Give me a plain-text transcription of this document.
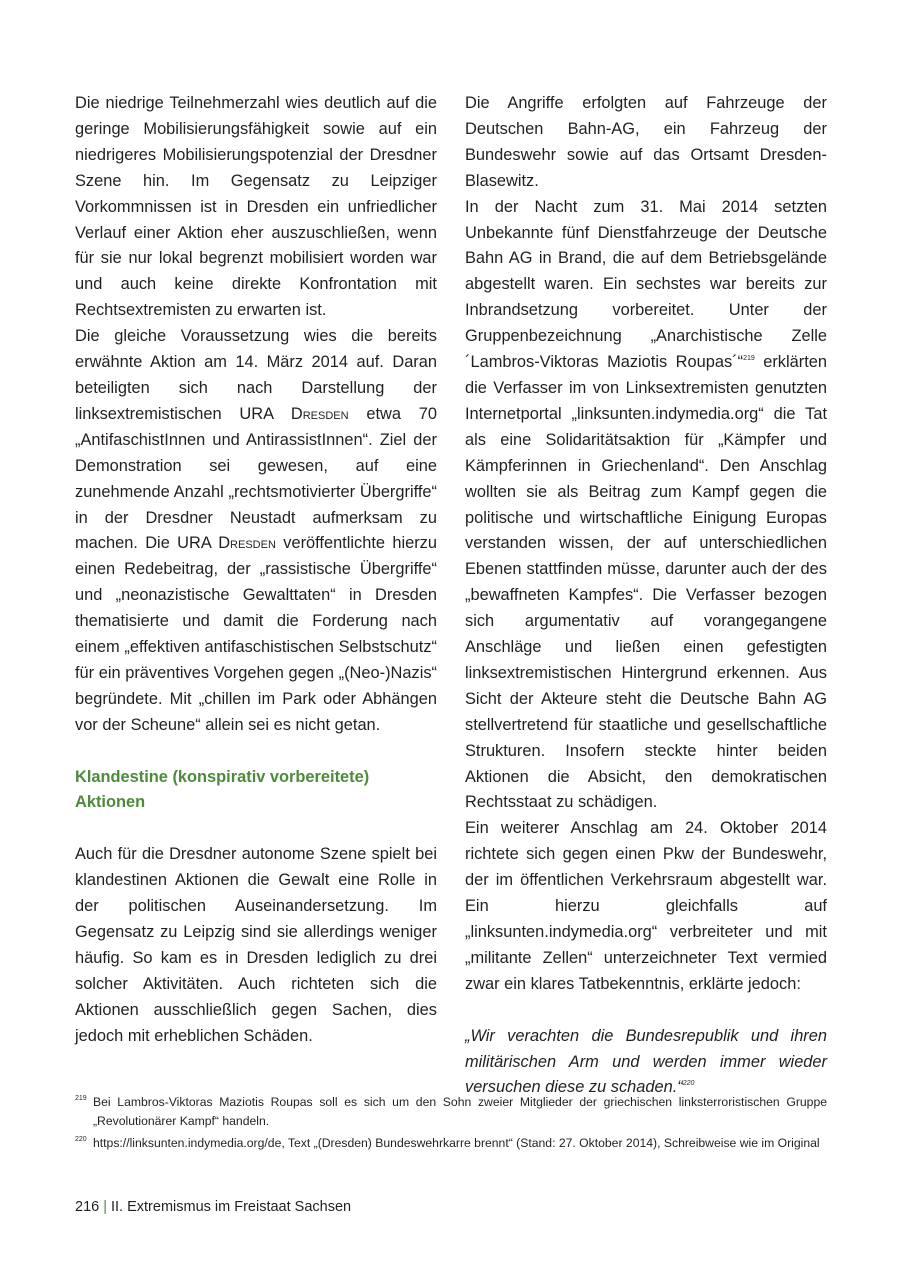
Die niedrige Teilnehmerzahl wies deutlich auf die geringe Mobilisierungsfähigkeit sowie auf ein niedrigeres Mobilisierungspotenzial der Dresdner Szene hin. Im Gegensatz zu Leipziger Vorkommnissen ist in Dresden ein unfriedlicher Verlauf einer Aktion eher auszuschließen, wenn für sie nur lokal begrenzt mobilisiert worden war und auch keine direkte Konfrontation mit Rechtsextremisten zu erwarten ist.

Die gleiche Voraussetzung wies die bereits erwähnte Aktion am 14. März 2014 auf. Daran beteiligten sich nach Darstellung der linksextremistischen URA Dresden etwa 70 „AntifaschistInnen und AntirassistInnen“. Ziel der Demonstration sei gewesen, auf eine zunehmende Anzahl „rechtsmotivierter Übergriffe“ in der Dresdner Neustadt aufmerksam zu machen. Die URA Dresden veröffentlichte hierzu einen Redebeitrag, der „rassistische Übergriffe“ und „neonazistische Gewalttaten“ in Dresden thematisierte und damit die Forderung nach einem „effektiven antifaschistischen Selbstschutz“ für ein präventives Vorgehen gegen „(Neo-)Nazis“ begründete. Mit „chillen im Park oder Abhängen vor der Scheune“ allein sei es nicht getan.

Klandestine (konspirativ vorbereitete) Aktionen

Auch für die Dresdner autonome Szene spielt bei klandestinen Aktionen die Gewalt eine Rolle in der politischen Auseinandersetzung. Im Gegensatz zu Leipzig sind sie allerdings weniger häufig. So kam es in Dresden lediglich zu drei solcher Aktivitäten. Auch richteten sich die Aktionen ausschließlich gegen Sachen, dies jedoch mit erheblichen Schäden.

Die Angriffe erfolgten auf Fahrzeuge der Deutschen Bahn-AG, ein Fahrzeug der Bundeswehr sowie auf das Ortsamt Dresden-Blasewitz.

In der Nacht zum 31. Mai 2014 setzten Unbekannte fünf Dienstfahrzeuge der Deutsche Bahn AG in Brand, die auf dem Betriebsgelände abgestellt waren. Ein sechstes war bereits zur Inbrandsetzung vorbereitet. Unter der Gruppenbezeichnung „Anarchistische Zelle ´Lambros-Viktoras Maziotis Roupas´“$^{219}$ erklärten die Verfasser im von Linksextremisten genutzten Internetportal „linksunten.indymedia.org“ die Tat als eine Solidaritätsaktion für „Kämpfer und Kämpferinnen in Griechenland“. Den Anschlag wollten sie als Beitrag zum Kampf gegen die politische und wirtschaftliche Einigung Europas verstanden wissen, der auf unterschiedlichen Ebenen stattfinden müsse, darunter auch der des „bewaffneten Kampfes“. Die Verfasser bezogen sich argumentativ auf vorangegangene Anschläge und ließen einen gefestigten linksextremistischen Hintergrund erkennen. Aus Sicht der Akteure steht die Deutsche Bahn AG stellvertretend für staatliche und gesellschaftliche Strukturen. Insofern steckte hinter beiden Aktionen die Absicht, den demokratischen Rechtsstaat zu schädigen.

Ein weiterer Anschlag am 24. Oktober 2014 richtete sich gegen einen Pkw der Bundeswehr, der im öffentlichen Verkehrsraum abgestellt war. Ein hierzu gleichfalls auf „linksunten.indymedia.org“ verbreiteter und mit „militante Zellen“ unterzeichneter Text vermied zwar ein klares Tatbekenntnis, erklärte jedoch:

„Wir verachten die Bundesrepublik und ihren militärischen Arm und werden immer wieder versuchen diese zu schaden.“$^{220}$

219 Bei Lambros-Viktoras Maziotis Roupas soll es sich um den Sohn zweier Mitglieder der griechischen linksterroristischen Gruppe „Revolutionärer Kampf“ handeln.
220 https://linksunten.indymedia.org/de, Text „(Dresden) Bundeswehrkarre brennt“ (Stand: 27. Oktober 2014), Schreibweise wie im Original
216 | II. Extremismus im Freistaat Sachsen
